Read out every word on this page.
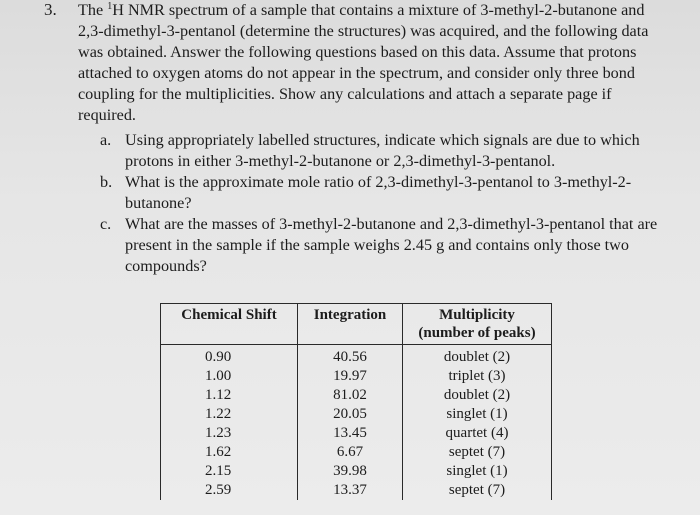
3. The $^1$H NMR spectrum of a sample that contains a mixture of 3-methyl-2-butanone and
2,3-dimethyl-3-pentanol (determine the structures) was acquired, and the following data
was obtained. Answer the following questions based on this data. Assume that protons
attached to oxygen atoms do not appear in the spectrum, and consider only three bond
coupling for the multiplicities. Show any calculations and attach a separate page if
required.
a. Using appropriately labelled structures, indicate which signals are due to which
protons in either 3-methyl-2-butanone or 2,3-dimethyl-3-pentanol.
b. What is the approximate mole ratio of 2,3-dimethyl-3-pentanol to 3-methyl-2-
butanone?
c. What are the masses of 3-methyl-2-butanone and 2,3-dimethyl-3-pentanol that are
present in the sample if the sample weighs 2.45 g and contains only those two
compounds?
Chemical Shift	Integration	Multiplicity
(number of peaks)
0.90	40.56	doublet (2)
1.00	19.97	triplet (3)
1.12	81.02	doublet (2)
1.22	20.05	singlet (1)
1.23	13.45	quartet (4)
1.62	6.67	septet (7)
2.15	39.98	singlet (1)
2.59	13.37	septet (7)
